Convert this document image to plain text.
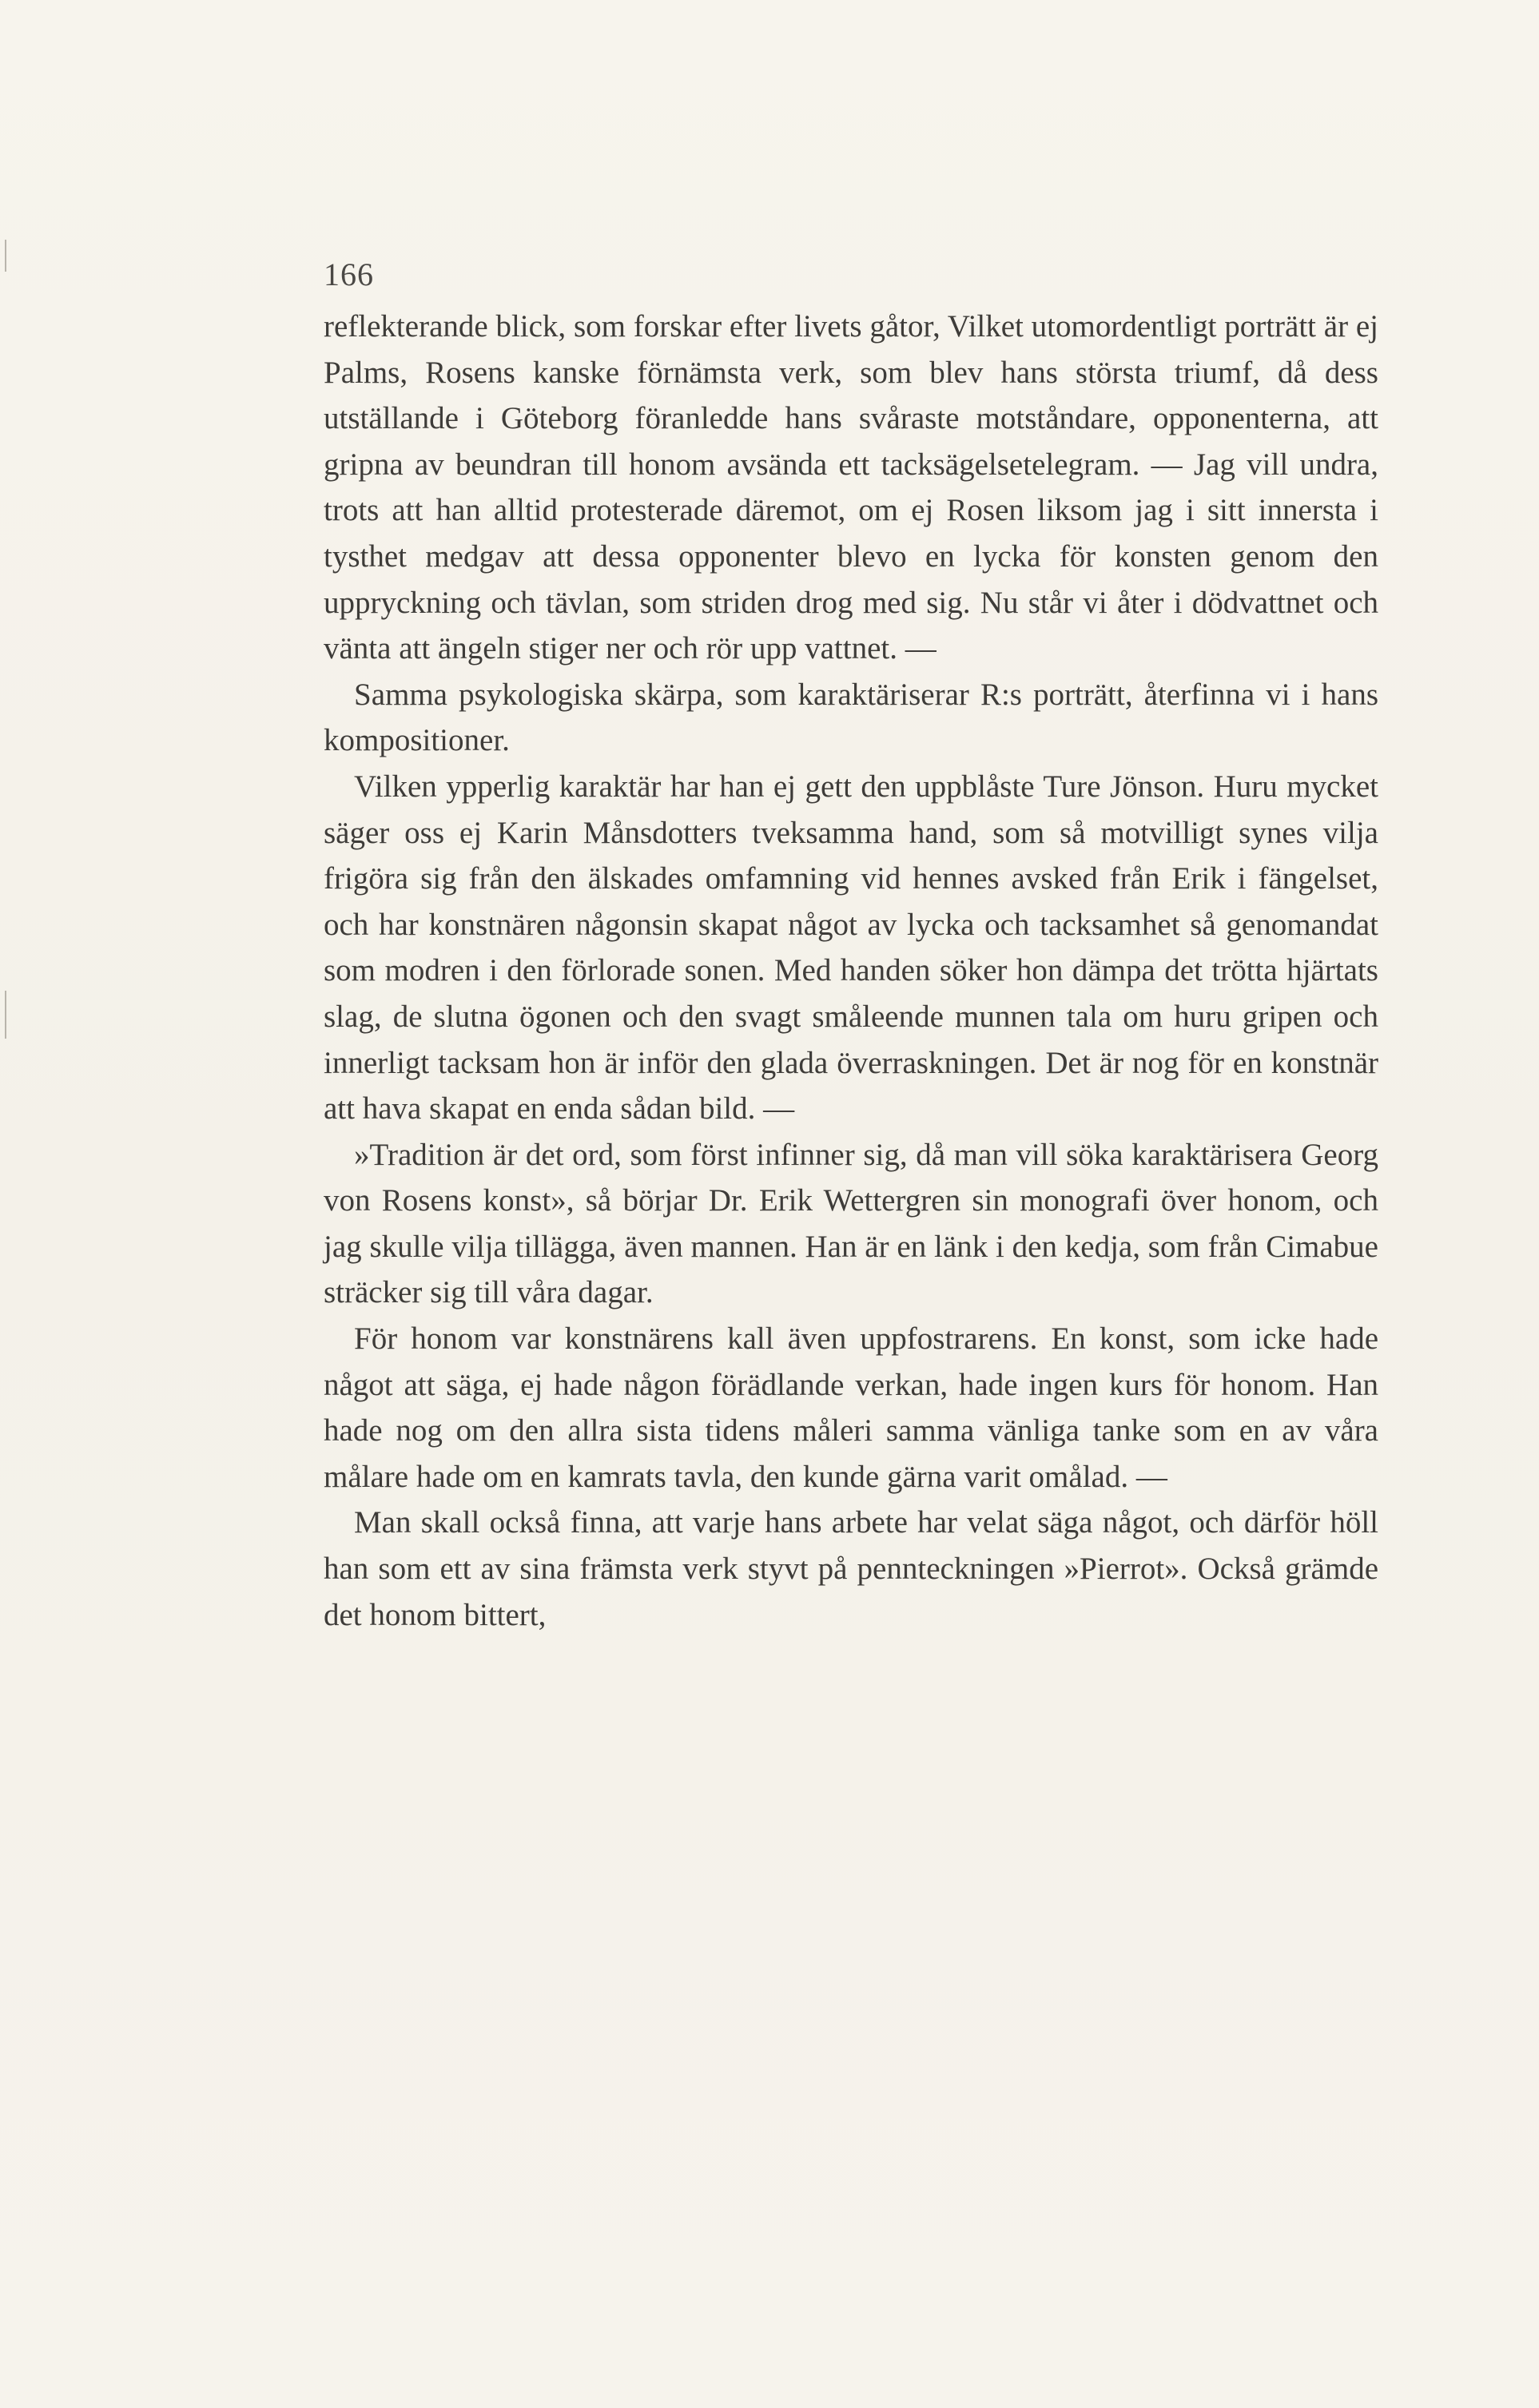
166

reflekterande blick, som forskar efter livets gåtor, Vilket utomordentligt porträtt är ej Palms, Rosens kanske förnämsta verk, som blev hans största triumf, då dess utställande i Göteborg föranledde hans svåraste motståndare, opponenterna, att gripna av beundran till honom avsända ett tacksägelsetelegram. — Jag vill undra, trots att han alltid protesterade däremot, om ej Rosen liksom jag i sitt innersta i tysthet medgav att dessa opponenter blevo en lycka för konsten genom den uppryckning och tävlan, som striden drog med sig. Nu står vi åter i dödvattnet och vänta att ängeln stiger ner och rör upp vattnet. —

Samma psykologiska skärpa, som karaktäriserar R:s porträtt, återfinna vi i hans kompositioner.

Vilken ypperlig karaktär har han ej gett den uppblåste Ture Jönson. Huru mycket säger oss ej Karin Månsdotters tveksamma hand, som så motvilligt synes vilja frigöra sig från den älskades omfamning vid hennes avsked från Erik i fängelset, och har konstnären någonsin skapat något av lycka och tacksamhet så genomandat som modren i den förlorade sonen. Med handen söker hon dämpa det trötta hjärtats slag, de slutna ögonen och den svagt småleende munnen tala om huru gripen och innerligt tacksam hon är inför den glada överraskningen. Det är nog för en konstnär att hava skapat en enda sådan bild. —

»Tradition är det ord, som först infinner sig, då man vill söka karaktärisera Georg von Rosens konst», så börjar Dr. Erik Wettergren sin monografi över honom, och jag skulle vilja tillägga, även mannen. Han är en länk i den kedja, som från Cimabue sträcker sig till våra dagar.

För honom var konstnärens kall även uppfostrarens. En konst, som icke hade något att säga, ej hade någon förädlande verkan, hade ingen kurs för honom. Han hade nog om den allra sista tidens måleri samma vänliga tanke som en av våra målare hade om en kamrats tavla, den kunde gärna varit omålad. —

Man skall också finna, att varje hans arbete har velat säga något, och därför höll han som ett av sina främsta verk styvt på pennteckningen »Pierrot». Också grämde det honom bittert,
